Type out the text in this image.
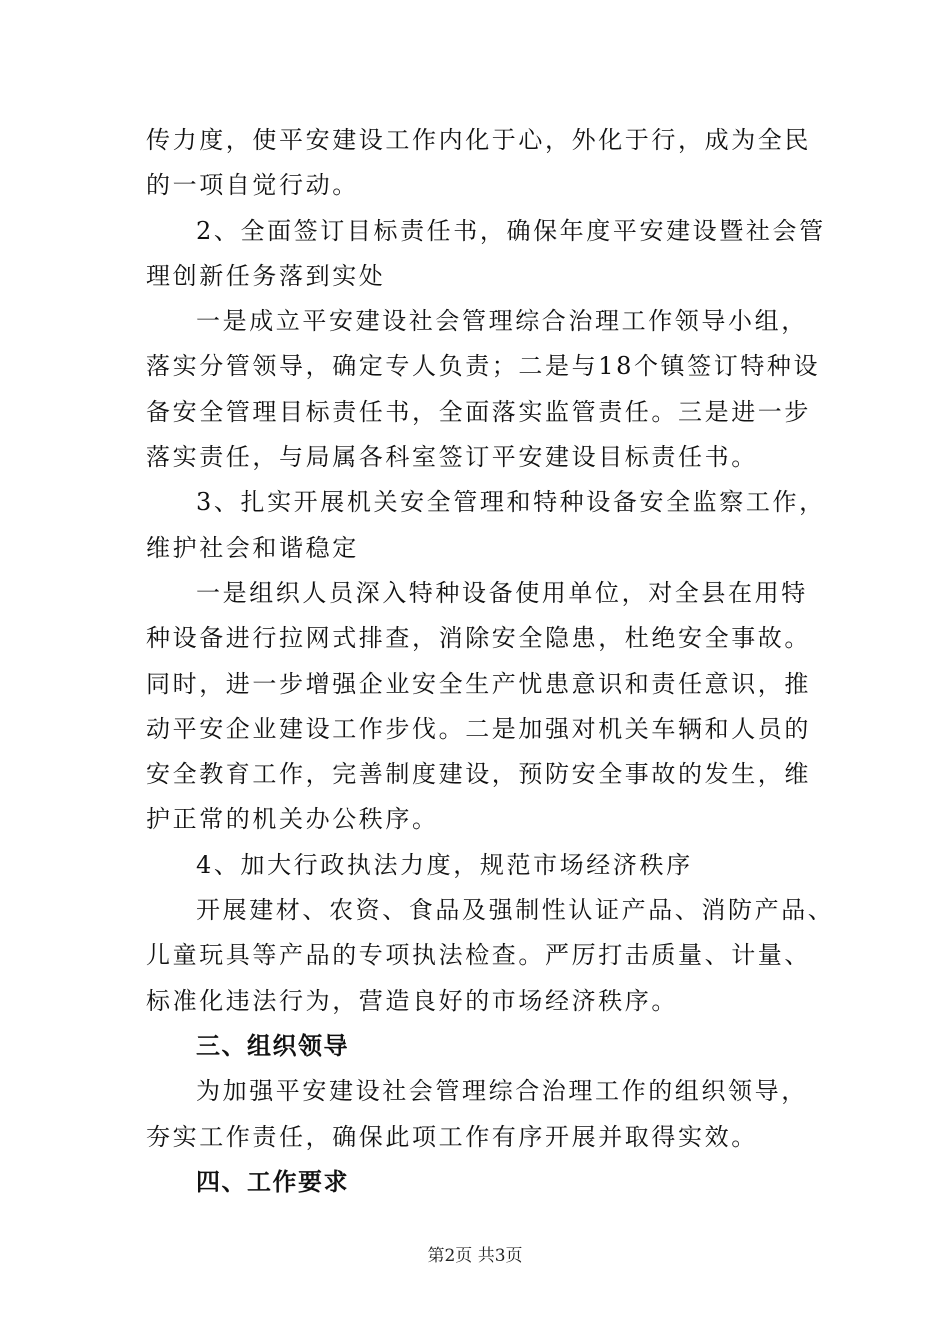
传力度，使平安建设工作内化于心，外化于行，成为全民
的一项自觉行动。
2、全面签订目标责任书，确保年度平安建设暨社会管
理创新任务落到实处
一是成立平安建设社会管理综合治理工作领导小组，
落实分管领导，确定专人负责；二是与18个镇签订特种设
备安全管理目标责任书，全面落实监管责任。三是进一步
落实责任，与局属各科室签订平安建设目标责任书。
3、扎实开展机关安全管理和特种设备安全监察工作，
维护社会和谐稳定
一是组织人员深入特种设备使用单位，对全县在用特
种设备进行拉网式排查，消除安全隐患，杜绝安全事故。
同时，进一步增强企业安全生产忧患意识和责任意识，推
动平安企业建设工作步伐。二是加强对机关车辆和人员的
安全教育工作，完善制度建设，预防安全事故的发生，维
护正常的机关办公秩序。
4、加大行政执法力度，规范市场经济秩序
开展建材、农资、食品及强制性认证产品、消防产品、
儿童玩具等产品的专项执法检查。严厉打击质量、计量、
标准化违法行为，营造良好的市场经济秩序。
三、组织领导
为加强平安建设社会管理综合治理工作的组织领导，
夯实工作责任，确保此项工作有序开展并取得实效。
四、工作要求
第2页 共3页
